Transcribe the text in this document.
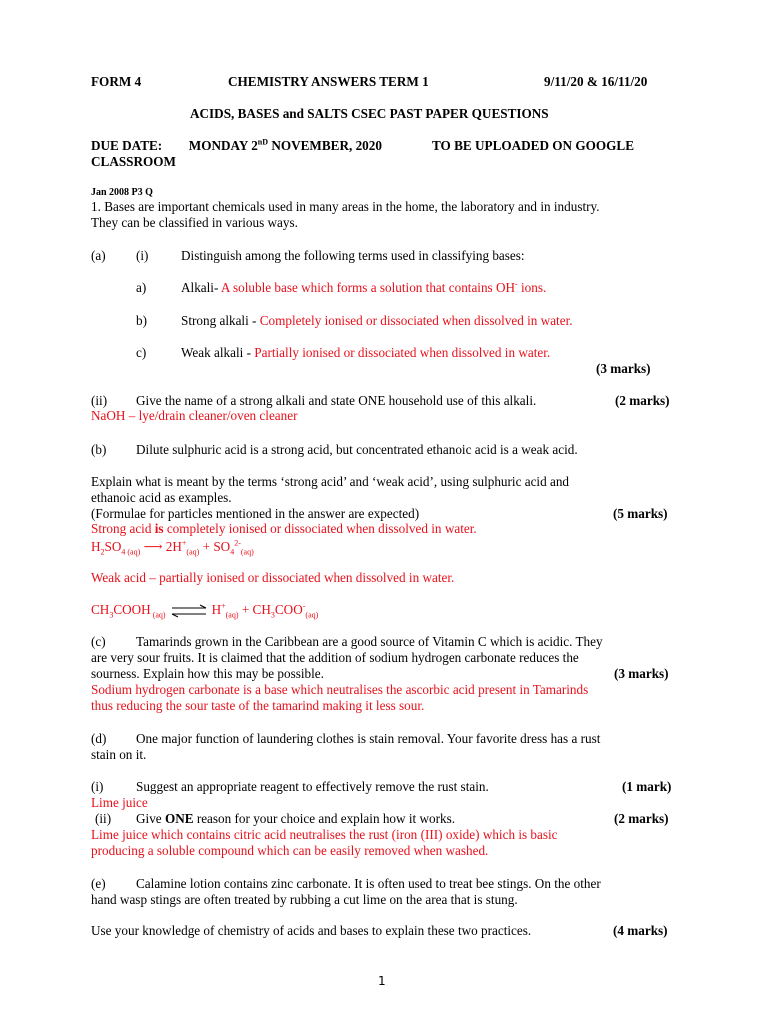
FORM 4	CHEMISTRY ANSWERS TERM 1	9/11/20 & 16/11/20
ACIDS, BASES and SALTS CSEC PAST PAPER QUESTIONS
DUE DATE: MONDAY 2nD NOVEMBER, 2020	TO BE UPLOADED ON GOOGLE
CLASSROOM
Jan 2008 P3 Q
1. Bases are important chemicals used in many areas in the home, the laboratory and in industry.
They can be classified in various ways.
(a) (i) Distinguish among the following terms used in classifying bases:
a)	Alkali- A soluble base which forms a solution that contains OH- ions.
b)	Strong alkali - Completely ionised or dissociated when dissolved in water.
c)	Weak alkali - Partially ionised or dissociated when dissolved in water.
(3 marks)
(ii) Give the name of a strong alkali and state ONE household use of this alkali.	(2 marks)
NaOH – lye/drain cleaner/oven cleaner
(b) Dilute sulphuric acid is a strong acid, but concentrated ethanoic acid is a weak acid.
Explain what is meant by the terms ‘strong acid’ and ‘weak acid’, using sulphuric acid and
ethanoic acid as examples.
(Formulae for particles mentioned in the answer are expected)	(5 marks)
Strong acid is completely ionised or dissociated when dissolved in water.
$H_2SO_{4 (aq)}$ ⟶ $2H^+_{(aq)} + SO_4^{2-}_{(aq)}$
Weak acid – partially ionised or dissociated when dissolved in water.
$CH_3COOH$ $_{(aq)}$ ⇌ $H^+_{(aq)} + CH_3COO^-_{(aq)}$
(c) Tamarinds grown in the Caribbean are a good source of Vitamin C which is acidic. They
are very sour fruits. It is claimed that the addition of sodium hydrogen carbonate reduces the
sourness. Explain how this may be possible.	(3 marks)
Sodium hydrogen carbonate is a base which neutralises the ascorbic acid present in Tamarinds
thus reducing the sour taste of the tamarind making it less sour.
(d) One major function of laundering clothes is stain removal. Your favorite dress has a rust
stain on it.
(i) Suggest an appropriate reagent to effectively remove the rust stain.	(1 mark)
Lime juice
(ii) Give ONE reason for your choice and explain how it works.	(2 marks)
Lime juice which contains citric acid neutralises the rust (iron (III) oxide) which is basic
producing a soluble compound which can be easily removed when washed.
(e) Calamine lotion contains zinc carbonate. It is often used to treat bee stings. On the other
hand wasp stings are often treated by rubbing a cut lime on the area that is stung.
Use your knowledge of chemistry of acids and bases to explain these two practices.	(4 marks)
1
